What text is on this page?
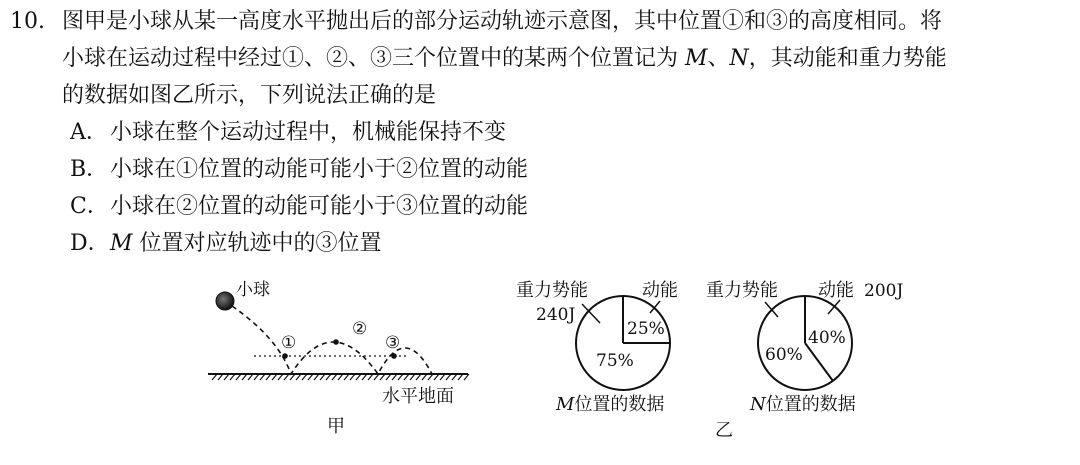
10. 图甲是小球从某一高度水平抛出后的部分运动轨迹示意图，其中位置①和③的高度相同。将
小球在运动过程中经过①、②、③三个位置中的某两个位置记为 M、N，其动能和重力势能
的数据如图乙所示，下列说法正确的是
A．小球在整个运动过程中，机械能保持不变
B．小球在①位置的动能可能小于②位置的动能
C．小球在②位置的动能可能小于③位置的动能
D．M 位置对应轨迹中的③位置
小球
①
②
③
水平地面
甲
重力势能
240J
动能
25%
75%
M位置的数据
重力势能 动能 200J
40%
60%
N位置的数据
乙
